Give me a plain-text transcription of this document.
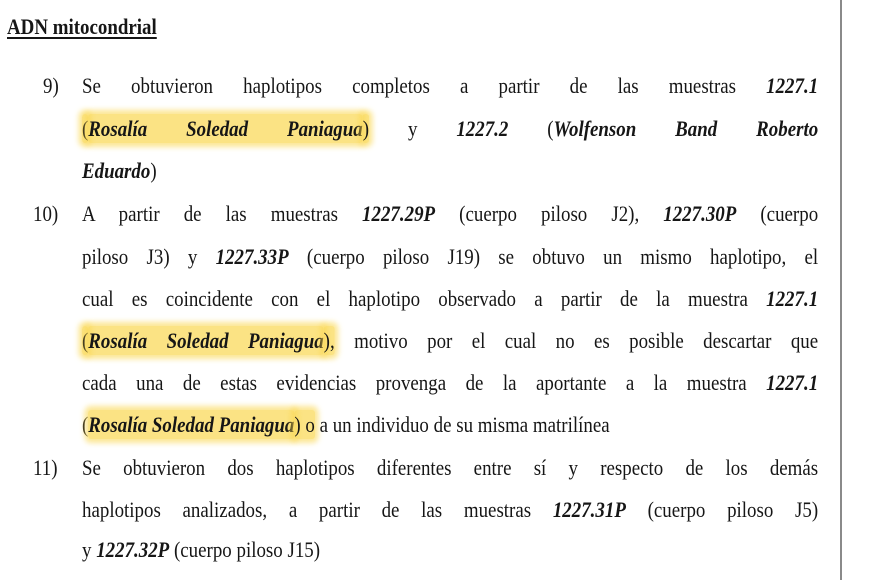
ADN mitocondrial
9) Se obtuvieron haplotipos completos a partir de las muestras 1227.1
(Rosalía Soledad Paniagua) y 1227.2 (Wolfenson Band Roberto
Eduardo)
10) A partir de las muestras 1227.29P (cuerpo piloso J2), 1227.30P (cuerpo
piloso J3) y 1227.33P (cuerpo piloso J19) se obtuvo un mismo haplotipo, el
cual es coincidente con el haplotipo observado a partir de la muestra 1227.1
(Rosalía Soledad Paniagua), motivo por el cual no es posible descartar que
cada una de estas evidencias provenga de la aportante a la muestra 1227.1
(Rosalía Soledad Paniagua) o a un individuo de su misma matrilínea
11) Se obtuvieron dos haplotipos diferentes entre sí y respecto de los demás
haplotipos analizados, a partir de las muestras 1227.31P (cuerpo piloso J5)
y 1227.32P (cuerpo piloso J15)
